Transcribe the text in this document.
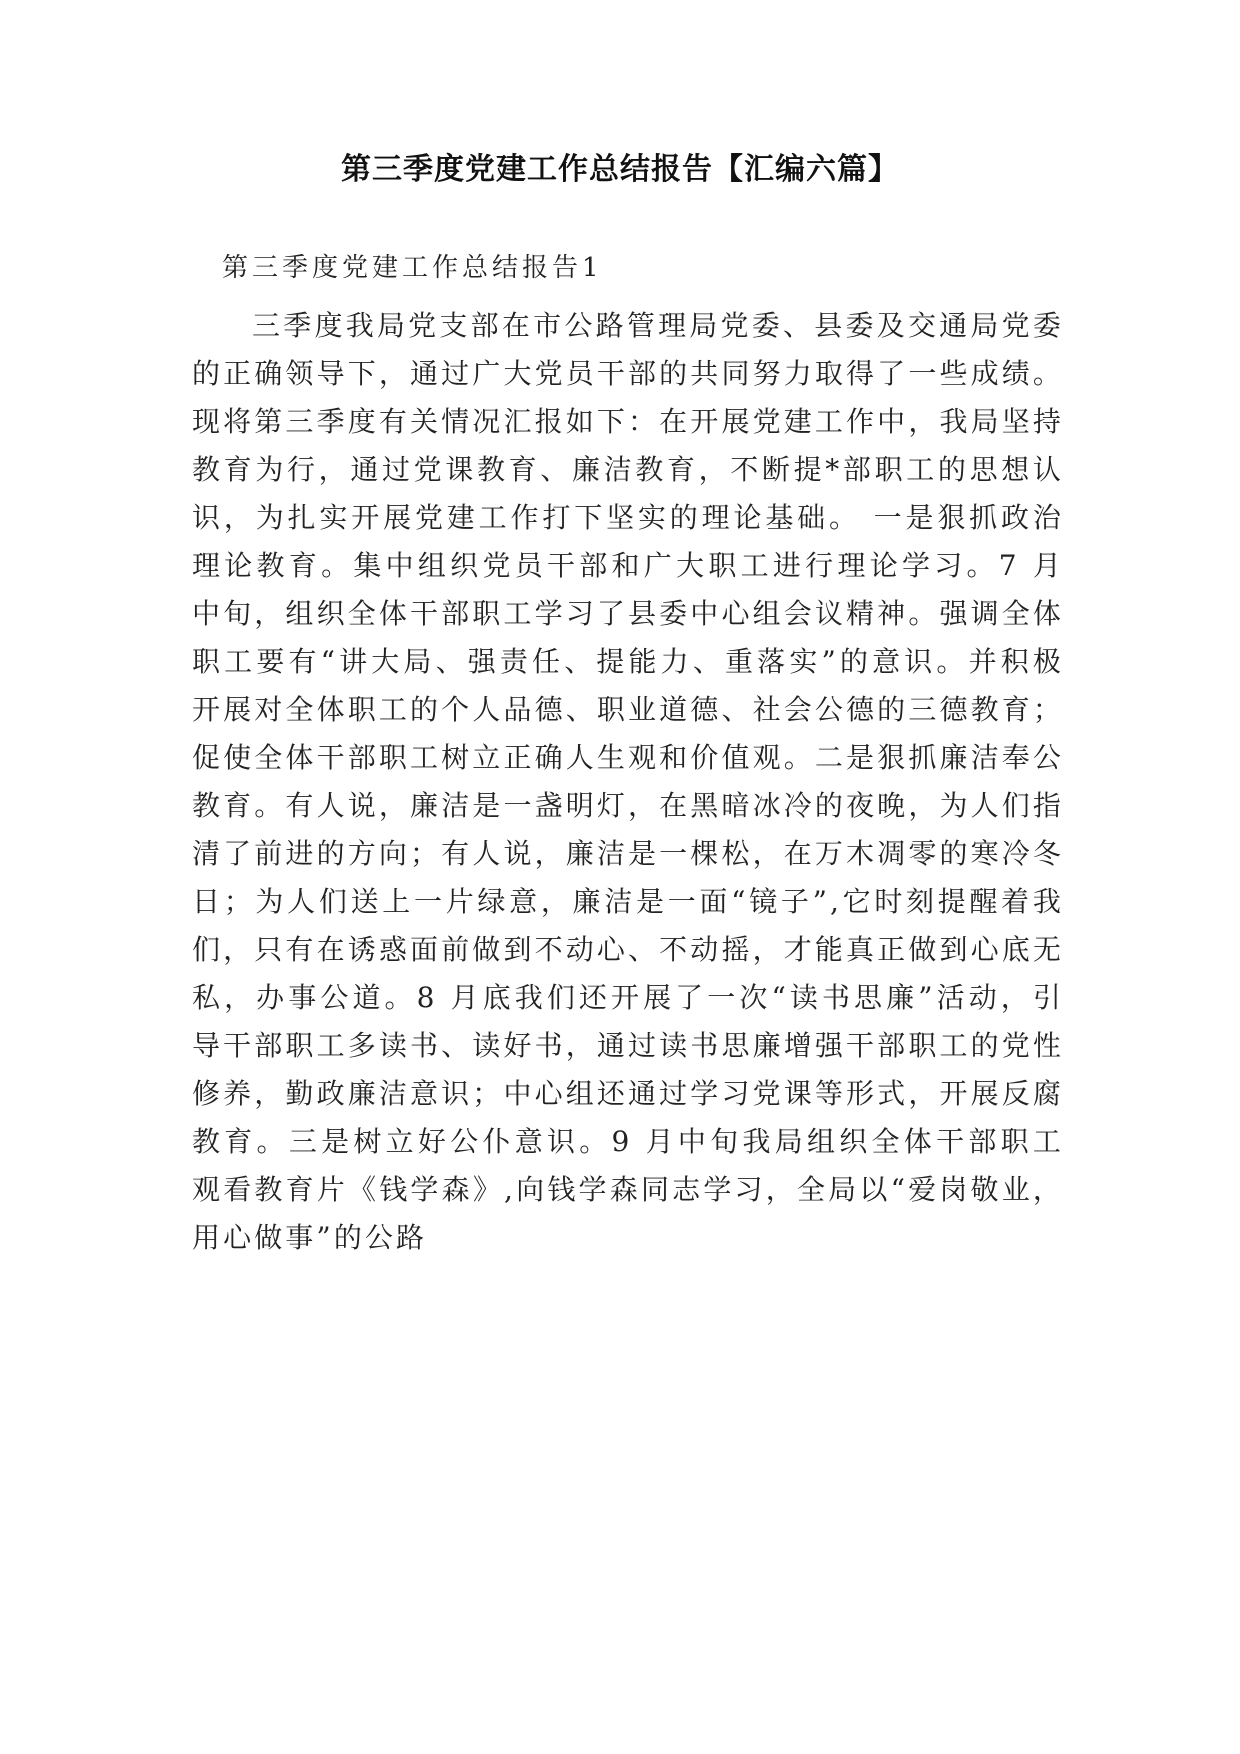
第三季度党建工作总结报告【汇编六篇】
第三季度党建工作总结报告1

三季度我局党支部在市公路管理局党委、县委及交通局党委的正确领导下，通过广大党员干部的共同努力取得了一些成绩。现将第三季度有关情况汇报如下：在开展党建工作中，我局坚持教育为行，通过党课教育、廉洁教育，不断提*部职工的思想认识，为扎实开展党建工作打下坚实的理论基础。 一是狠抓政治理论教育。集中组织党员干部和广大职工进行理论学习。7 月中旬，组织全体干部职工学习了县委中心组会议精神。强调全体职工要有“讲大局、强责任、提能力、重落实”的意识。并积极开展对全体职工的个人品德、职业道德、社会公德的三德教育；促使全体干部职工树立正确人生观和价值观。二是狠抓廉洁奉公教育。有人说，廉洁是一盏明灯，在黑暗冰冷的夜晚，为人们指清了前进的方向；有人说，廉洁是一棵松，在万木凋零的寒冷冬日；为人们送上一片绿意，廉洁是一面“镜子”,它时刻提醒着我们，只有在诱惑面前做到不动心、不动摇，才能真正做到心底无私，办事公道。8 月底我们还开展了一次“读书思廉”活动，引导干部职工多读书、读好书，通过读书思廉增强干部职工的党性修养，勤政廉洁意识；中心组还通过学习党课等形式，开展反腐教育。三是树立好公仆意识。9 月中旬我局组织全体干部职工观看教育片《钱学森》,向钱学森同志学习，全局以“爱岗敬业，用心做事”的公路
